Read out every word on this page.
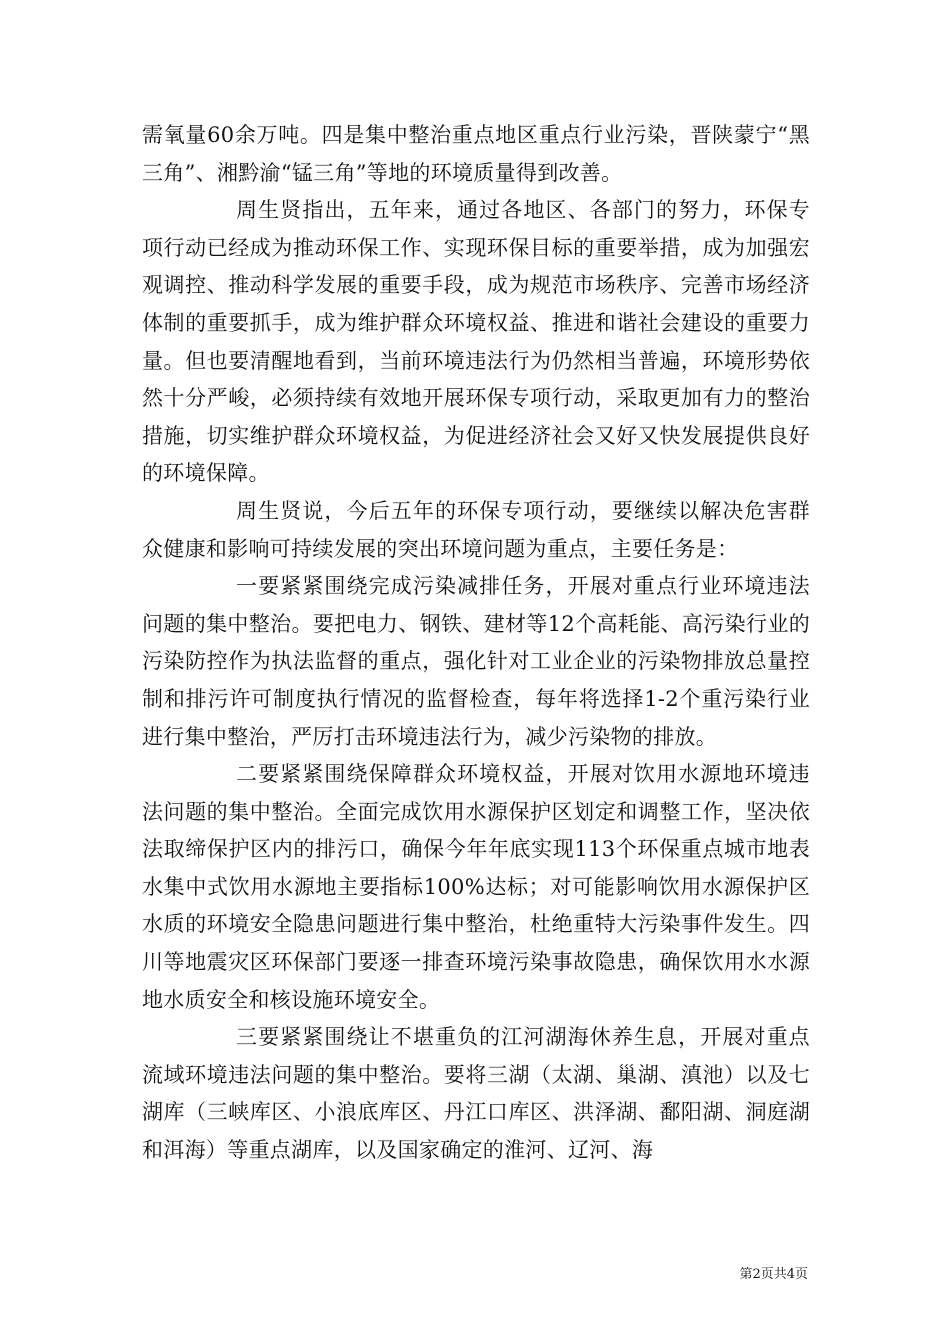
需氧量60余万吨。四是集中整治重点地区重点行业污染，晋陕蒙宁“黑三角”、湘黔渝“锰三角”等地的环境质量得到改善。

周生贤指出，五年来，通过各地区、各部门的努力，环保专项行动已经成为推动环保工作、实现环保目标的重要举措，成为加强宏观调控、推动科学发展的重要手段，成为规范市场秩序、完善市场经济体制的重要抓手，成为维护群众环境权益、推进和谐社会建设的重要力量。但也要清醒地看到，当前环境违法行为仍然相当普遍，环境形势依然十分严峻，必须持续有效地开展环保专项行动，采取更加有力的整治措施，切实维护群众环境权益，为促进经济社会又好又快发展提供良好的环境保障。

周生贤说，今后五年的环保专项行动，要继续以解决危害群众健康和影响可持续发展的突出环境问题为重点，主要任务是：

一要紧紧围绕完成污染减排任务，开展对重点行业环境违法问题的集中整治。要把电力、钢铁、建材等12个高耗能、高污染行业的污染防控作为执法监督的重点，强化针对工业企业的污染物排放总量控制和排污许可制度执行情况的监督检查，每年将选择1-2个重污染行业进行集中整治，严厉打击环境违法行为，减少污染物的排放。

二要紧紧围绕保障群众环境权益，开展对饮用水源地环境违法问题的集中整治。全面完成饮用水源保护区划定和调整工作，坚决依法取缔保护区内的排污口，确保今年年底实现113个环保重点城市地表水集中式饮用水源地主要指标100%达标；对可能影响饮用水源保护区水质的环境安全隐患问题进行集中整治，杜绝重特大污染事件发生。四川等地震灾区环保部门要逐一排查环境污染事故隐患，确保饮用水水源地水质安全和核设施环境安全。

三要紧紧围绕让不堪重负的江河湖海休养生息，开展对重点流域环境违法问题的集中整治。要将三湖（太湖、巢湖、滇池）以及七湖库（三峡库区、小浪底库区、丹江口库区、洪泽湖、鄱阳湖、洞庭湖和洱海）等重点湖库，以及国家确定的淮河、辽河、海

第2页共4页
